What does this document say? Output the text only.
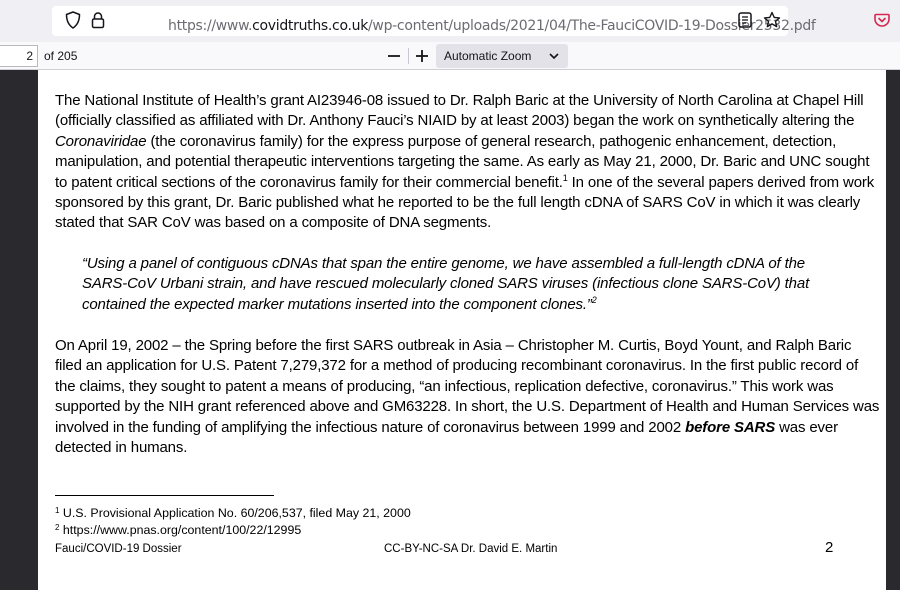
https://www.covidtruths.co.uk/wp-content/uploads/2021/04/The-FauciCOVID-19-Dossier2532.pdf
2 of 205	Automatic Zoom
The National Institute of Health’s grant AI23946-08 issued to Dr. Ralph Baric at the University of North Carolina at Chapel Hill (officially classified as affiliated with Dr. Anthony Fauci’s NIAID by at least 2003) began the work on synthetically altering the Coronaviridae (the coronavirus family) for the express purpose of general research, pathogenic enhancement, detection, manipulation, and potential therapeutic interventions targeting the same. As early as May 21, 2000, Dr. Baric and UNC sought to patent critical sections of the coronavirus family for their commercial benefit.$^1$ In one of the several papers derived from work sponsored by this grant, Dr. Baric published what he reported to be the full length cDNA of SARS CoV in which it was clearly stated that SAR CoV was based on a composite of DNA segments.
“Using a panel of contiguous cDNAs that span the entire genome, we have assembled a full-length cDNA of the SARS-CoV Urbani strain, and have rescued molecularly cloned SARS viruses (infectious clone SARS-CoV) that contained the expected marker mutations inserted into the component clones.”$^2$
On April 19, 2002 – the Spring before the first SARS outbreak in Asia – Christopher M. Curtis, Boyd Yount, and Ralph Baric filed an application for U.S. Patent 7,279,372 for a method of producing recombinant coronavirus. In the first public record of the claims, they sought to patent a means of producing, “an infectious, replication defective, coronavirus.” This work was supported by the NIH grant referenced above and GM63228. In short, the U.S. Department of Health and Human Services was involved in the funding of amplifying the infectious nature of coronavirus between 1999 and 2002 before SARS was ever detected in humans.
$^1$ U.S. Provisional Application No. 60/206,537, filed May 21, 2000
$^2$ https://www.pnas.org/content/100/22/12995
Fauci/COVID-19 Dossier	CC-BY-NC-SA Dr. David E. Martin	2
